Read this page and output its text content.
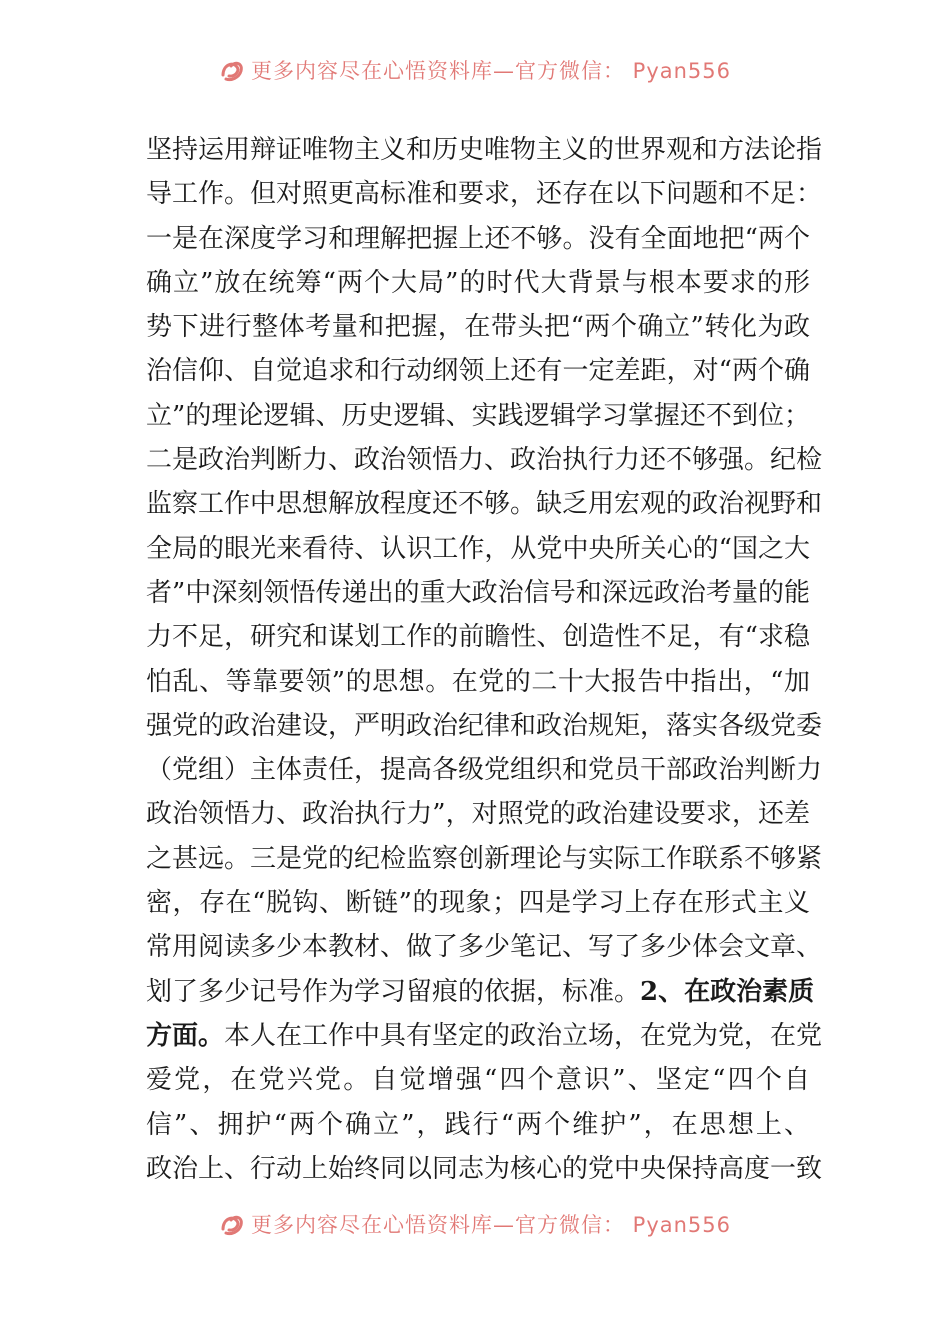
更多内容尽在心悟资料库—官方微信： Pyan556
坚持运用辩证唯物主义和历史唯物主义的世界观和方法论指
导工作。但对照更高标准和要求，还存在以下问题和不足：
一是在深度学习和理解把握上还不够。没有全面地把“两个
确立”放在统筹“两个大局”的时代大背景与根本要求的形
势下进行整体考量和把握，在带头把“两个确立”转化为政
治信仰、自觉追求和行动纲领上还有一定差距，对“两个确
立”的理论逻辑、历史逻辑、实践逻辑学习掌握还不到位；
二是政治判断力、政治领悟力、政治执行力还不够强。纪检
监察工作中思想解放程度还不够。缺乏用宏观的政治视野和
全局的眼光来看待、认识工作，从党中央所关心的“国之大
者”中深刻领悟传递出的重大政治信号和深远政治考量的能
力不足，研究和谋划工作的前瞻性、创造性不足，有“求稳
怕乱、等靠要领”的思想。在党的二十大报告中指出，“加
强党的政治建设，严明政治纪律和政治规矩，落实各级党委
（党组）主体责任，提高各级党组织和党员干部政治判断力
政治领悟力、政治执行力”，对照党的政治建设要求，还差
之甚远。三是党的纪检监察创新理论与实际工作联系不够紧
密，存在“脱钩、断链”的现象；四是学习上存在形式主义
常用阅读多少本教材、做了多少笔记、写了多少体会文章、
划了多少记号作为学习留痕的依据，标准。2、在政治素质
方面。本人在工作中具有坚定的政治立场，在党为党，在党
爱党，在党兴党。自觉增强“四个意识”、坚定“四个自
信”、拥护“两个确立”，践行“两个维护”，在思想上、
政治上、行动上始终同以同志为核心的党中央保持高度一致
更多内容尽在心悟资料库—官方微信： Pyan556
